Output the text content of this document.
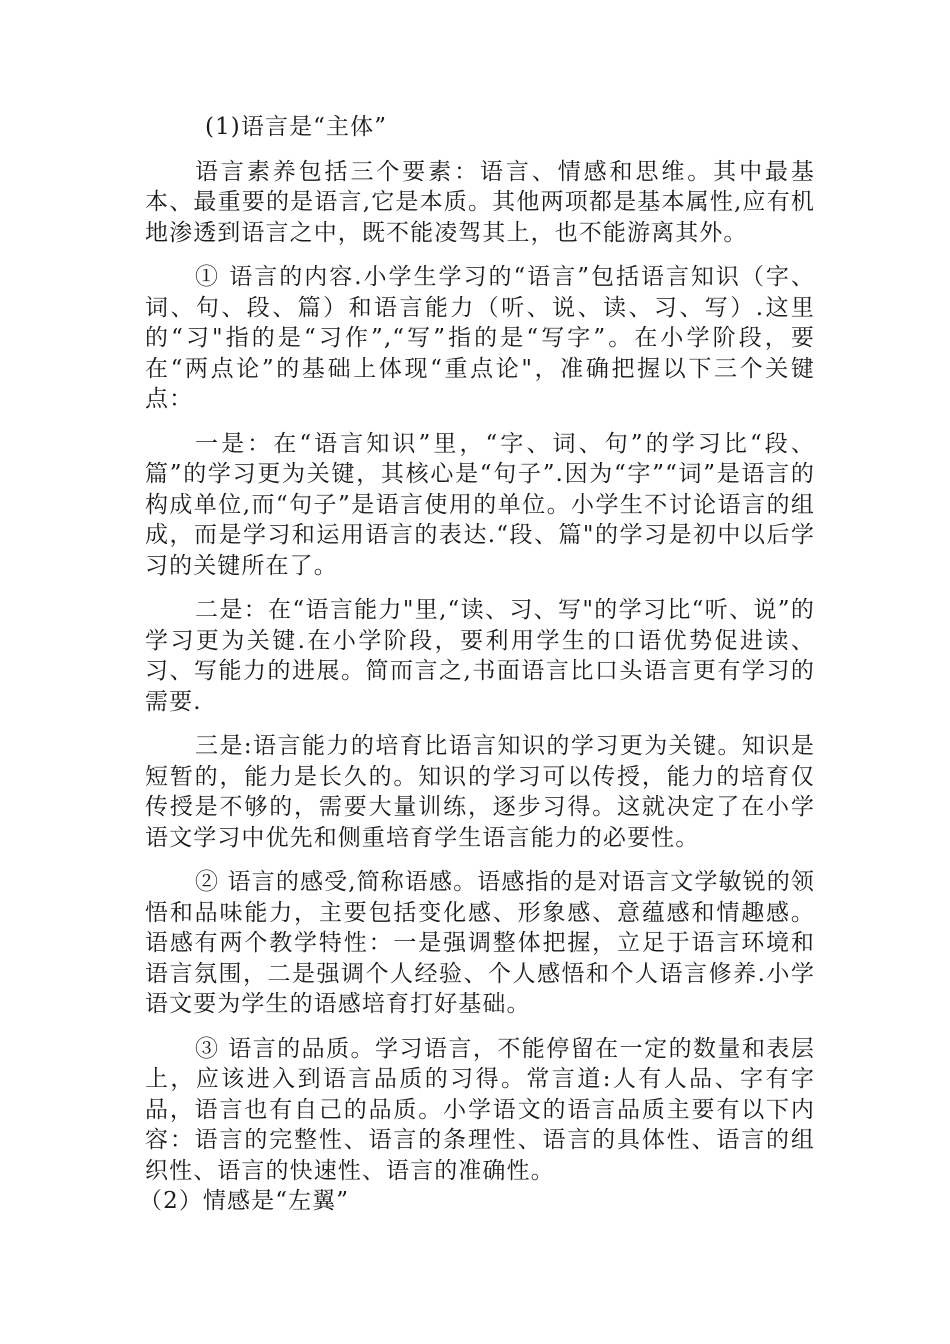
(1)语言是“主体”

语言素养包括三个要素：语言、情感和思维。其中最基本、最重要的是语言,它是本质。其他两项都是基本属性,应有机地渗透到语言之中，既不能凌驾其上，也不能游离其外。

① 语言的内容.小学生学习的“语言”包括语言知识（字、词、句、段、篇）和语言能力（听、说、读、习、写）.这里的“习"指的是“习作”,“写”指的是“写字”。在小学阶段，要在“两点论”的基础上体现“重点论"，准确把握以下三个关键点：

一是：在“语言知识”里，“字、词、句”的学习比“段、篇”的学习更为关键，其核心是“句子”.因为“字”“词”是语言的构成单位,而“句子”是语言使用的单位。小学生不讨论语言的组成，而是学习和运用语言的表达.“段、篇"的学习是初中以后学习的关键所在了。

二是：在“语言能力"里,“读、习、写"的学习比“听、说”的学习更为关键.在小学阶段，要利用学生的口语优势促进读、习、写能力的进展。简而言之,书面语言比口头语言更有学习的需要.

三是:语言能力的培育比语言知识的学习更为关键。知识是短暂的，能力是长久的。知识的学习可以传授，能力的培育仅传授是不够的，需要大量训练，逐步习得。这就决定了在小学语文学习中优先和侧重培育学生语言能力的必要性。

② 语言的感受,简称语感。语感指的是对语言文学敏锐的领悟和品味能力，主要包括变化感、形象感、意蕴感和情趣感。语感有两个教学特性：一是强调整体把握，立足于语言环境和语言氛围，二是强调个人经验、个人感悟和个人语言修养.小学语文要为学生的语感培育打好基础。

③ 语言的品质。学习语言，不能停留在一定的数量和表层上，应该进入到语言品质的习得。常言道:人有人品、字有字品，语言也有自己的品质。小学语文的语言品质主要有以下内容：语言的完整性、语言的条理性、语言的具体性、语言的组织性、语言的快速性、语言的准确性。

（2）情感是“左翼”
